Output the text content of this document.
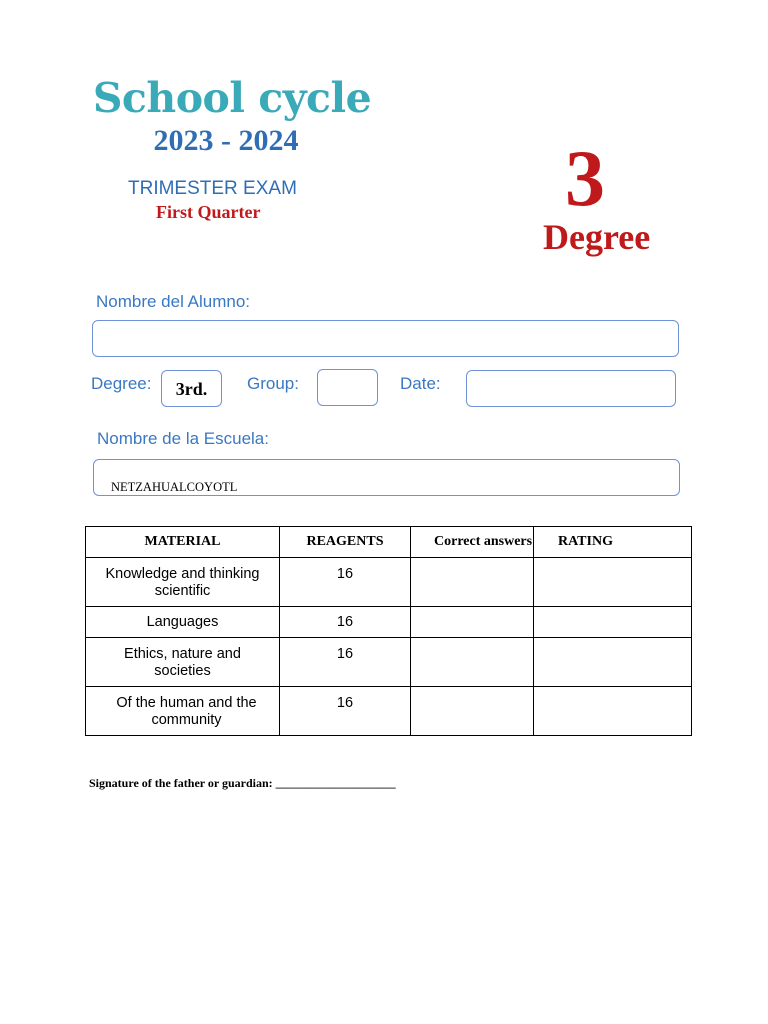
School cycle
2023 - 2024
TRIMESTER EXAM
First Quarter	3
Degree
Nombre del Alumno:
Degree:	3rd.	Group:	Date:
Nombre de la Escuela:
NETZAHUALCOYOTL
MATERIAL	REAGENTS	Correct answers	RATING
Knowledge and thinking scientific	16		
Languages	16		
Ethics, nature and societies	16		
Of the human and the community	16		
Signature of the father or guardian: ____________________
